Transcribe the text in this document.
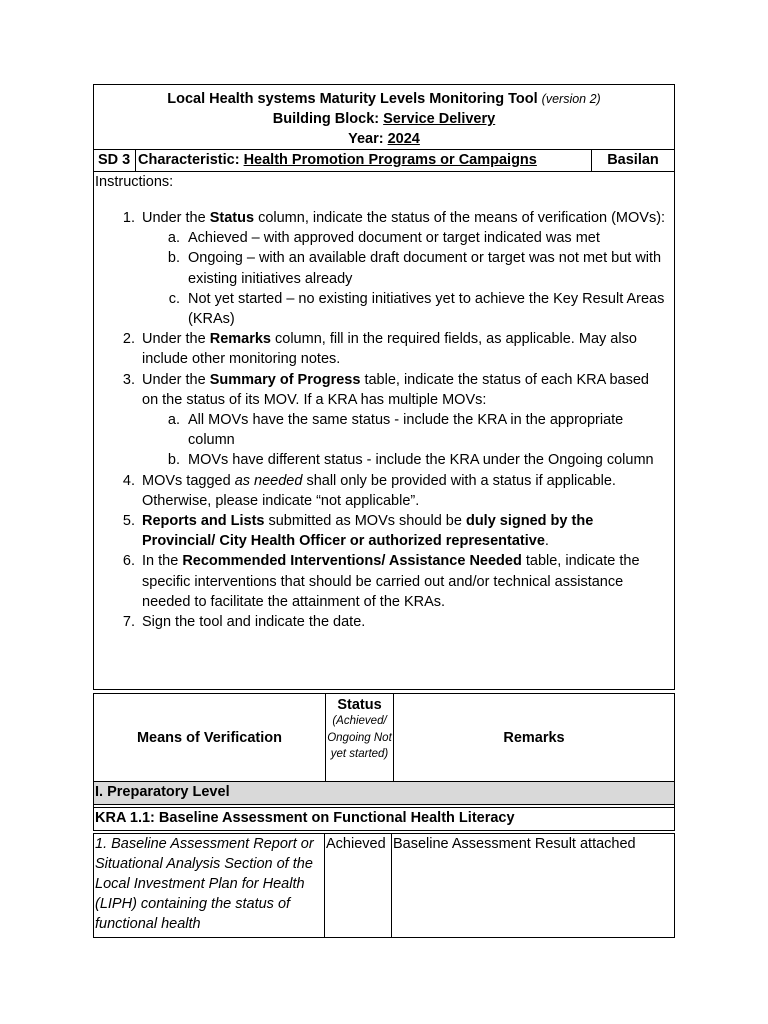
Local Health systems Maturity Levels Monitoring Tool (version 2)
Building Block: Service Delivery
Year: 2024
SD 3 Characteristic: Health Promotion Programs or Campaigns	Basilan
Instructions:
1. Under the Status column, indicate the status of the means of verification (MOVs):
a. Achieved – with approved document or target indicated was met
b. Ongoing – with an available draft document or target was not met but with existing initiatives already
c. Not yet started – no existing initiatives yet to achieve the Key Result Areas (KRAs)
2. Under the Remarks column, fill in the required fields, as applicable. May also include other monitoring notes.
3. Under the Summary of Progress table, indicate the status of each KRA based on the status of its MOV. If a KRA has multiple MOVs:
a. All MOVs have the same status - include the KRA in the appropriate column
b. MOVs have different status - include the KRA under the Ongoing column
4. MOVs tagged as needed shall only be provided with a status if applicable. Otherwise, please indicate “not applicable”.
5. Reports and Lists submitted as MOVs should be duly signed by the Provincial/ City Health Officer or authorized representative.
6. In the Recommended Interventions/ Assistance Needed table, indicate the specific interventions that should be carried out and/or technical assistance needed to facilitate the attainment of the KRAs.
7. Sign the tool and indicate the date.
Means of Verification
Status
(Achieved/ Ongoing Not yet started)
Remarks
I. Preparatory Level
KRA 1.1: Baseline Assessment on Functional Health Literacy
1. Baseline Assessment Report or Situational Analysis Section of the Local Investment Plan for Health (LIPH) containing the status of functional health
Achieved Baseline Assessment Result attached
